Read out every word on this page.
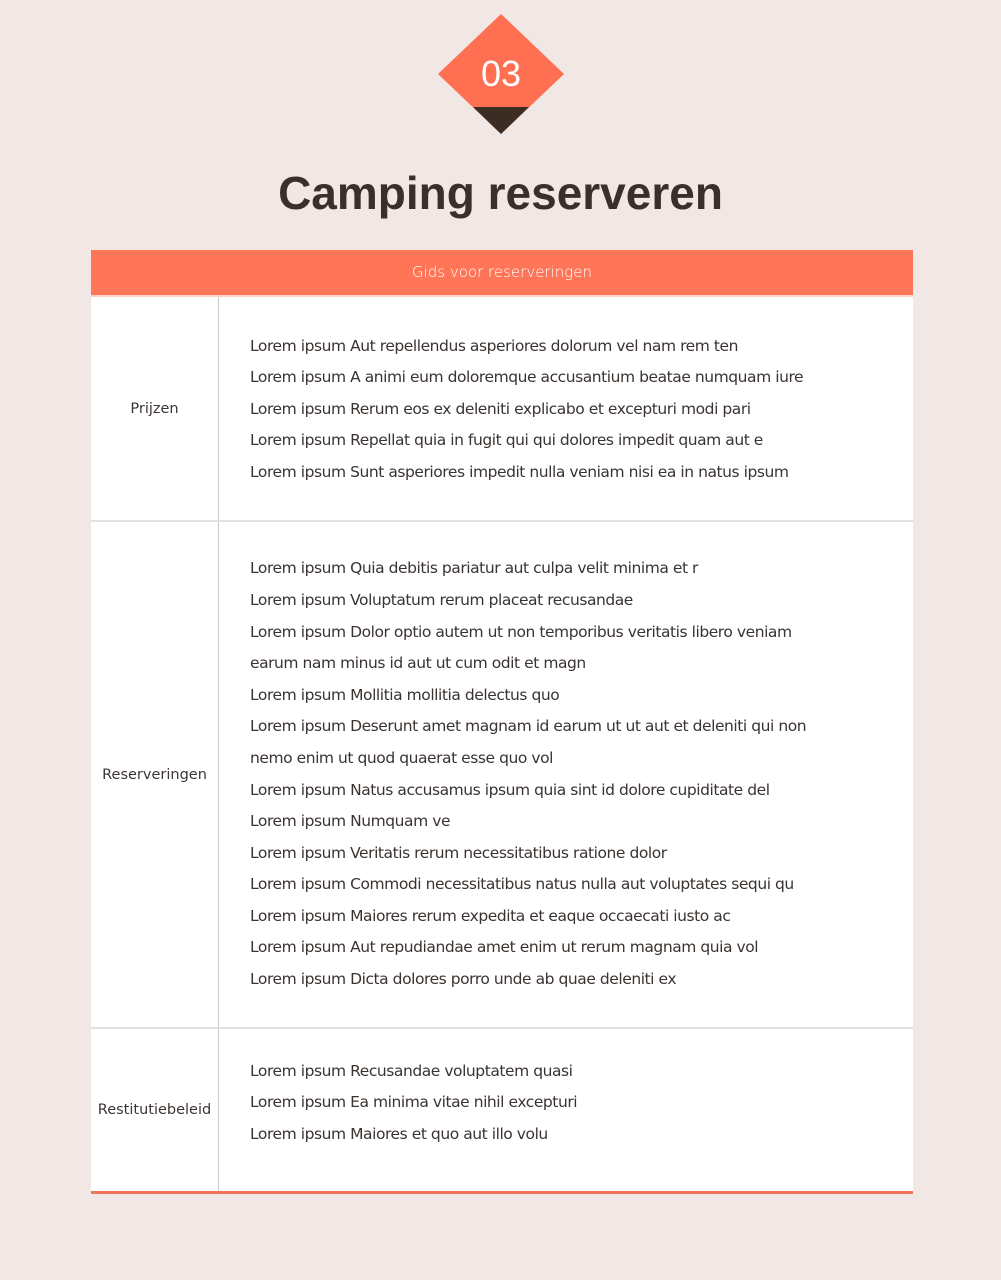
03
Camping reserveren
Gids voor reserveringen
Prijzen
Lorem ipsum Aut repellendus asperiores dolorum vel nam rem ten
Lorem ipsum A animi eum doloremque accusantium beatae numquam iure
Lorem ipsum Rerum eos ex deleniti explicabo et excepturi modi pari
Lorem ipsum Repellat quia in fugit qui qui dolores impedit quam aut e
Lorem ipsum Sunt asperiores impedit nulla veniam nisi ea in natus ipsum
Reserveringen
Lorem ipsum Quia debitis pariatur aut culpa velit minima et r
Lorem ipsum Voluptatum rerum placeat recusandae
Lorem ipsum Dolor optio autem ut non temporibus veritatis libero veniam
earum nam minus id aut ut cum odit et magn
Lorem ipsum Mollitia mollitia delectus quo
Lorem ipsum Deserunt amet magnam id earum ut ut aut et deleniti qui non
nemo enim ut quod quaerat esse quo vol
Lorem ipsum Natus accusamus ipsum quia sint id dolore cupiditate del
Lorem ipsum Numquam ve
Lorem ipsum Veritatis rerum necessitatibus ratione dolor
Lorem ipsum Commodi necessitatibus natus nulla aut voluptates sequi qu
Lorem ipsum Maiores rerum expedita et eaque occaecati iusto ac
Lorem ipsum Aut repudiandae amet enim ut rerum magnam quia vol
Lorem ipsum Dicta dolores porro unde ab quae deleniti ex
Restitutiebeleid
Lorem ipsum Recusandae voluptatem quasi
Lorem ipsum Ea minima vitae nihil excepturi
Lorem ipsum Maiores et quo aut illo volu
